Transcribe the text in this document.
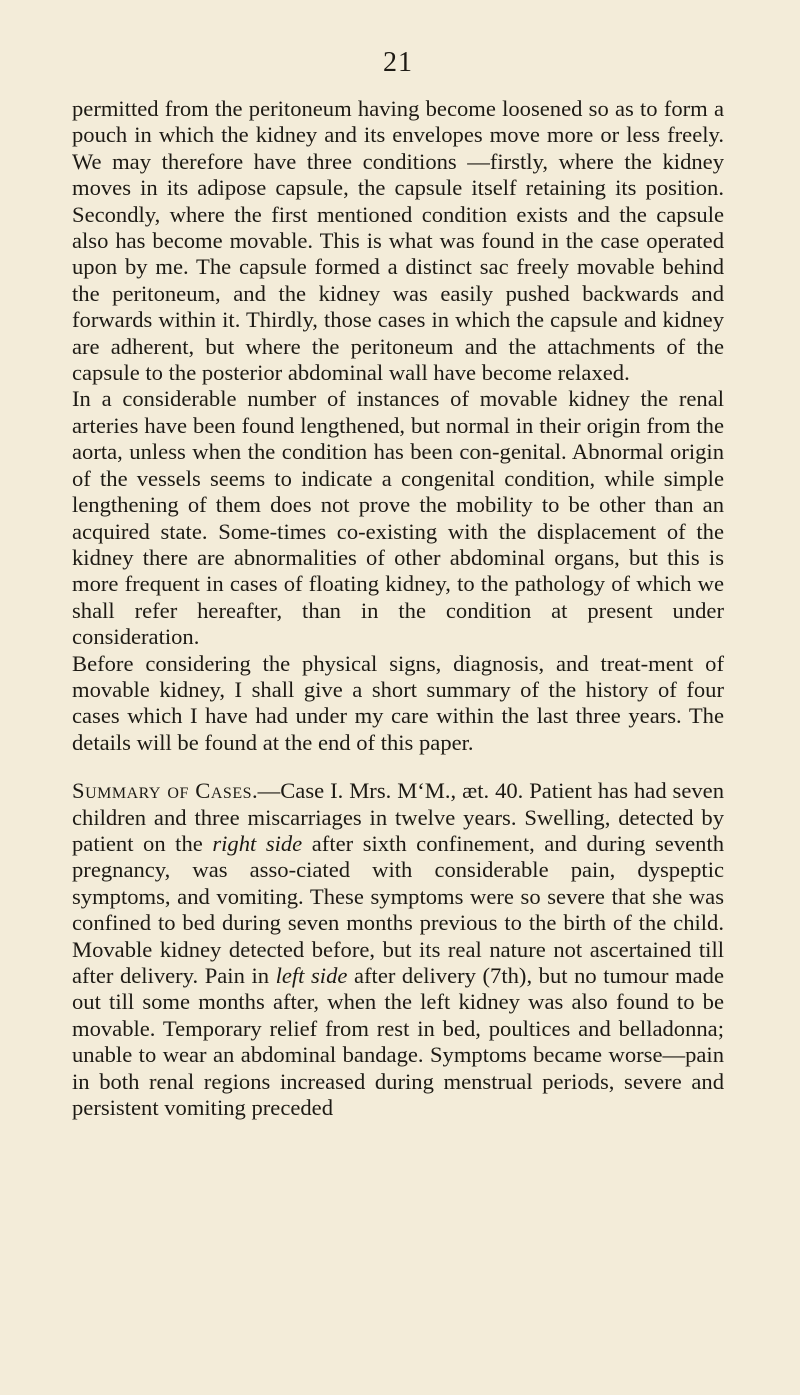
21

permitted from the peritoneum having become loosened so as to form a pouch in which the kidney and its envelopes move more or less freely. We may therefore have three conditions —firstly, where the kidney moves in its adipose capsule, the capsule itself retaining its position. Secondly, where the first mentioned condition exists and the capsule also has become movable. This is what was found in the case operated upon by me. The capsule formed a distinct sac freely movable behind the peritoneum, and the kidney was easily pushed backwards and forwards within it. Thirdly, those cases in which the capsule and kidney are adherent, but where the peritoneum and the attachments of the capsule to the posterior abdominal wall have become relaxed.

In a considerable number of instances of movable kidney the renal arteries have been found lengthened, but normal in their origin from the aorta, unless when the condition has been con-genital. Abnormal origin of the vessels seems to indicate a congenital condition, while simple lengthening of them does not prove the mobility to be other than an acquired state. Some-times co-existing with the displacement of the kidney there are abnormalities of other abdominal organs, but this is more frequent in cases of floating kidney, to the pathology of which we shall refer hereafter, than in the condition at present under consideration.

Before considering the physical signs, diagnosis, and treat-ment of movable kidney, I shall give a short summary of the history of four cases which I have had under my care within the last three years. The details will be found at the end of this paper.

Summary of Cases.—Case I. Mrs. M‘M., æt. 40. Patient has had seven children and three miscarriages in twelve years. Swelling, detected by patient on the right side after sixth confinement, and during seventh pregnancy, was asso-ciated with considerable pain, dyspeptic symptoms, and vomiting. These symptoms were so severe that she was confined to bed during seven months previous to the birth of the child. Movable kidney detected before, but its real nature not ascertained till after delivery. Pain in left side after delivery (7th), but no tumour made out till some months after, when the left kidney was also found to be movable. Temporary relief from rest in bed, poultices and belladonna; unable to wear an abdominal bandage. Symptoms became worse—pain in both renal regions increased during menstrual periods, severe and persistent vomiting preceded
